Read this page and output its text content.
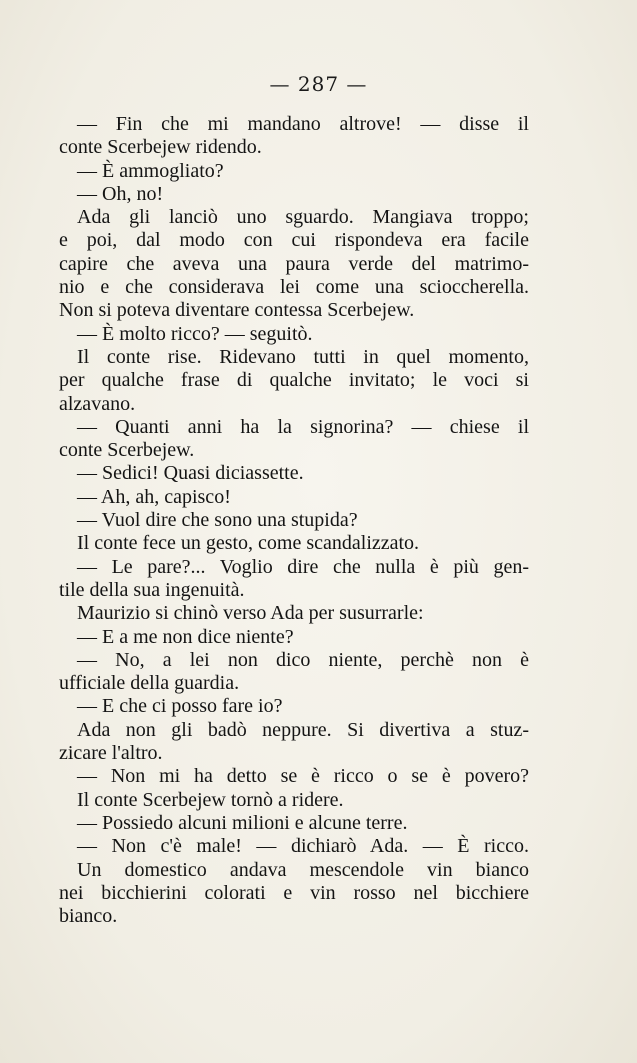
— 287 —
— Fin che mi mandano altrove! — disse il
conte Scerbejew ridendo.
— È ammogliato?
— Oh, no!
Ada gli lanciò uno sguardo. Mangiava troppo;
e poi, dal modo con cui rispondeva era facile
capire che aveva una paura verde del matrimo-
nio e che considerava lei come una scioccherella.
Non si poteva diventare contessa Scerbejew.
— È molto ricco? — seguitò.
Il conte rise. Ridevano tutti in quel momento,
per qualche frase di qualche invitato; le voci si
alzavano.
— Quanti anni ha la signorina? — chiese il
conte Scerbejew.
— Sedici! Quasi diciassette.
— Ah, ah, capisco!
— Vuol dire che sono una stupida?
Il conte fece un gesto, come scandalizzato.
— Le pare?... Voglio dire che nulla è più gen-
tile della sua ingenuità.
Maurizio si chinò verso Ada per susurrarle:
— E a me non dice niente?
— No, a lei non dico niente, perchè non è
ufficiale della guardia.
— E che ci posso fare io?
Ada non gli badò neppure. Si divertiva a stuz-
zicare l'altro.
— Non mi ha detto se è ricco o se è povero?
Il conte Scerbejew tornò a ridere.
— Possiedo alcuni milioni e alcune terre.
— Non c'è male! — dichiarò Ada. — È ricco.
Un domestico andava mescendole vin bianco
nei bicchierini colorati e vin rosso nel bicchiere
bianco.
